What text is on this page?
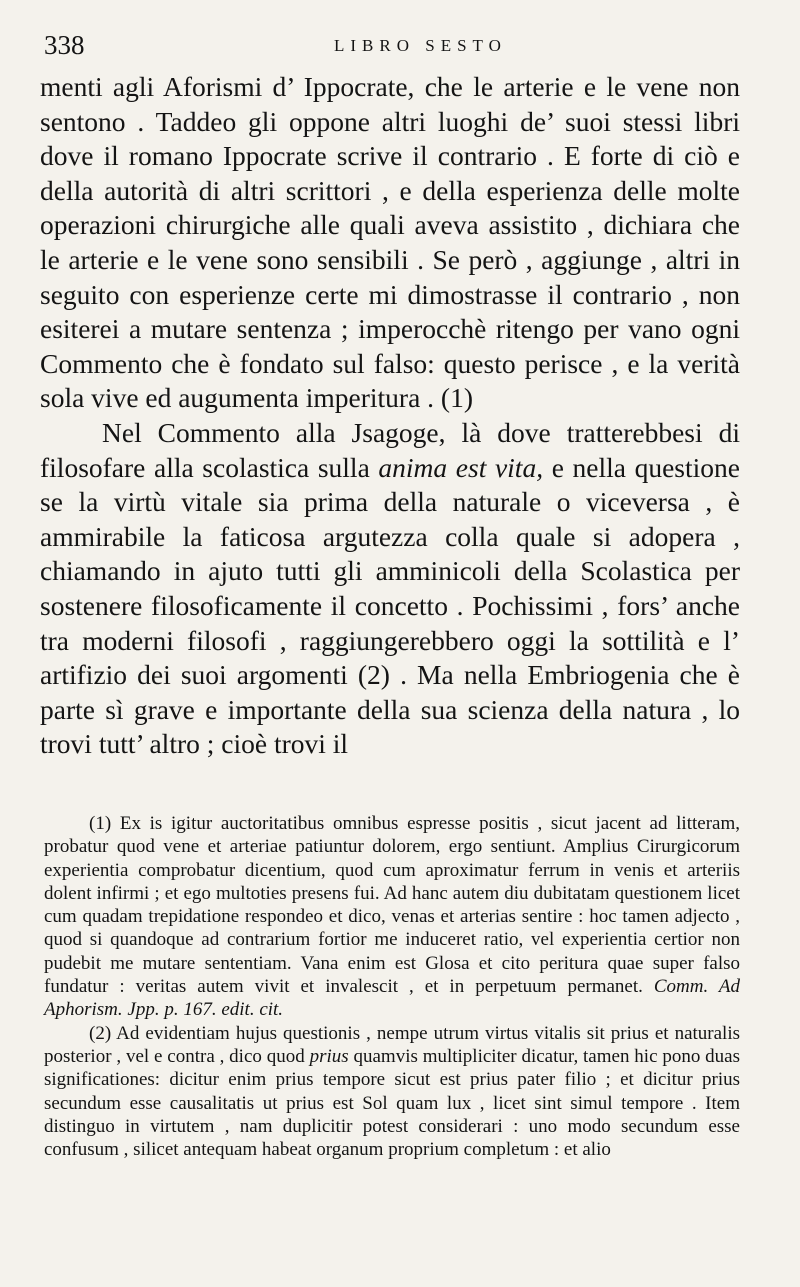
338	LIBRO SESTO

menti agli Aforismi d’ Ippocrate, che le arterie e le vene non sentono . Taddeo gli oppone altri luoghi de’ suoi stessi libri dove il romano Ippocrate scrive il contrario . E forte di ciò e della autorità di altri scrittori , e della esperienza delle molte operazioni chirurgiche alle quali aveva assistito , dichiara che le arterie e le vene sono sensibili . Se però , aggiunge , altri in seguito con esperienze certe mi dimostrasse il contrario , non esiterei a mutare sentenza ; imperocchè ritengo per vano ogni Commento che è fondato sul falso: questo perisce , e la verità sola vive ed augumenta imperitura . (1)

Nel Commento alla Jsagoge, là dove tratterebbesi di filosofare alla scolastica sulla anima est vita, e nella questione se la virtù vitale sia prima della naturale o viceversa , è ammirabile la faticosa argutezza colla quale si adopera , chiamando in ajuto tutti gli amminicoli della Scolastica per sostenere filosoficamente il concetto . Pochissimi , fors’ anche tra moderni filosofi , raggiungerebbero oggi la sottilità e l’ artifizio dei suoi argomenti (2) . Ma nella Embriogenia che è parte sì grave e importante della sua scienza della natura , lo trovi tutt’ altro ; cioè trovi il

(1) Ex is igitur auctoritatibus omnibus espresse positis , sicut jacent ad litteram, probatur quod vene et arteriae patiuntur dolorem, ergo sentiunt. Amplius Cirurgicorum experientia comprobatur dicentium, quod cum aproximatur ferrum in venis et arteriis dolent infirmi ; et ego multoties presens fui. Ad hanc autem diu dubitatam questionem licet cum quadam trepidatione respondeo et dico, venas et arterias sentire : hoc tamen adjecto , quod si quandoque ad contrarium fortior me induceret ratio, vel experientia certior non pudebit me mutare sententiam. Vana enim est Glosa et cito peritura quae super falso fundatur : veritas autem vivit et invalescit , et in perpetuum permanet. Comm. Ad Aphorism. Jpp. p. 167. edit. cit.

(2) Ad evidentiam hujus questionis , nempe utrum virtus vitalis sit prius et naturalis posterior , vel e contra , dico quod prius quamvis multipliciter dicatur, tamen hic pono duas significationes: dicitur enim prius tempore sicut est prius pater filio ; et dicitur prius secundum esse causalitatis ut prius est Sol quam lux , licet sint simul tempore . Item distinguo in virtutem , nam duplicitir potest considerari : uno modo secundum esse confusum , silicet antequam habeat organum proprium completum : et alio
